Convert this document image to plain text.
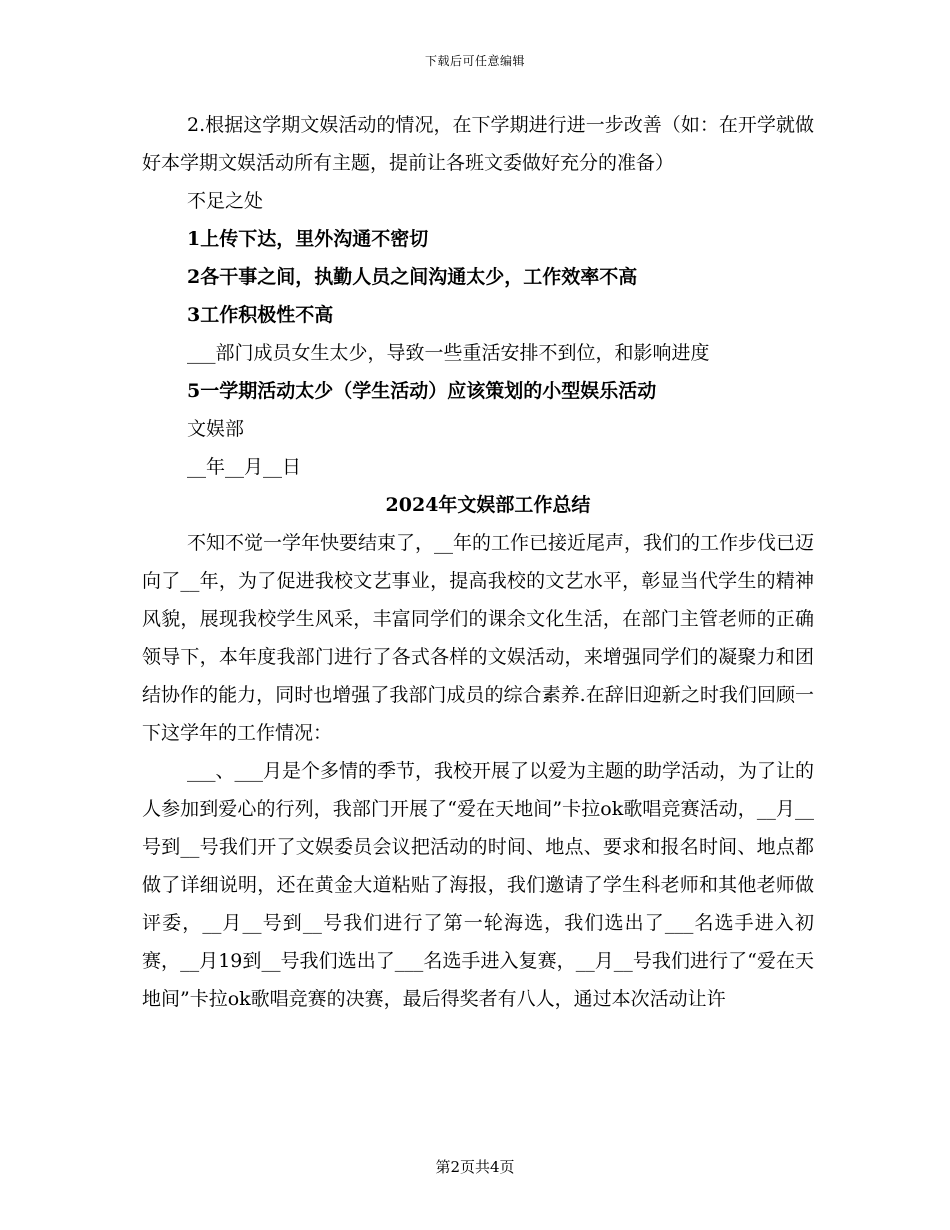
下载后可任意编辑

2.根据这学期文娱活动的情况，在下学期进行进一步改善（如：在开学就做好本学期文娱活动所有主题，提前让各班文委做好充分的准备）

不足之处

1上传下达，里外沟通不密切

2各干事之间，执勤人员之间沟通太少，工作效率不高

3工作积极性不高

___部门成员女生太少，导致一些重活安排不到位，和影响进度

5一学期活动太少（学生活动）应该策划的小型娱乐活动

文娱部

__年__月__日

2024年文娱部工作总结

不知不觉一学年快要结束了，__年的工作已接近尾声，我们的工作步伐已迈向了__年，为了促进我校文艺事业，提高我校的文艺水平，彰显当代学生的精神风貌，展现我校学生风采，丰富同学们的课余文化生活，在部门主管老师的正确领导下，本年度我部门进行了各式各样的文娱活动，来增强同学们的凝聚力和团结协作的能力，同时也增强了我部门成员的综合素养.在辞旧迎新之时我们回顾一下这学年的工作情况：

___、___月是个多情的季节，我校开展了以爱为主题的助学活动，为了让的人参加到爱心的行列，我部门开展了“爱在天地间”卡拉ok歌唱竞赛活动，__月__号到__号我们开了文娱委员会议把活动的时间、地点、要求和报名时间、地点都做了详细说明，还在黄金大道粘贴了海报，我们邀请了学生科老师和其他老师做评委，__月__号到__号我们进行了第一轮海选，我们选出了___名选手进入初赛，__月19到__号我们选出了___名选手进入复赛，__月__号我们进行了“爱在天地间”卡拉ok歌唱竞赛的决赛，最后得奖者有八人，通过本次活动让许

第2页共4页
